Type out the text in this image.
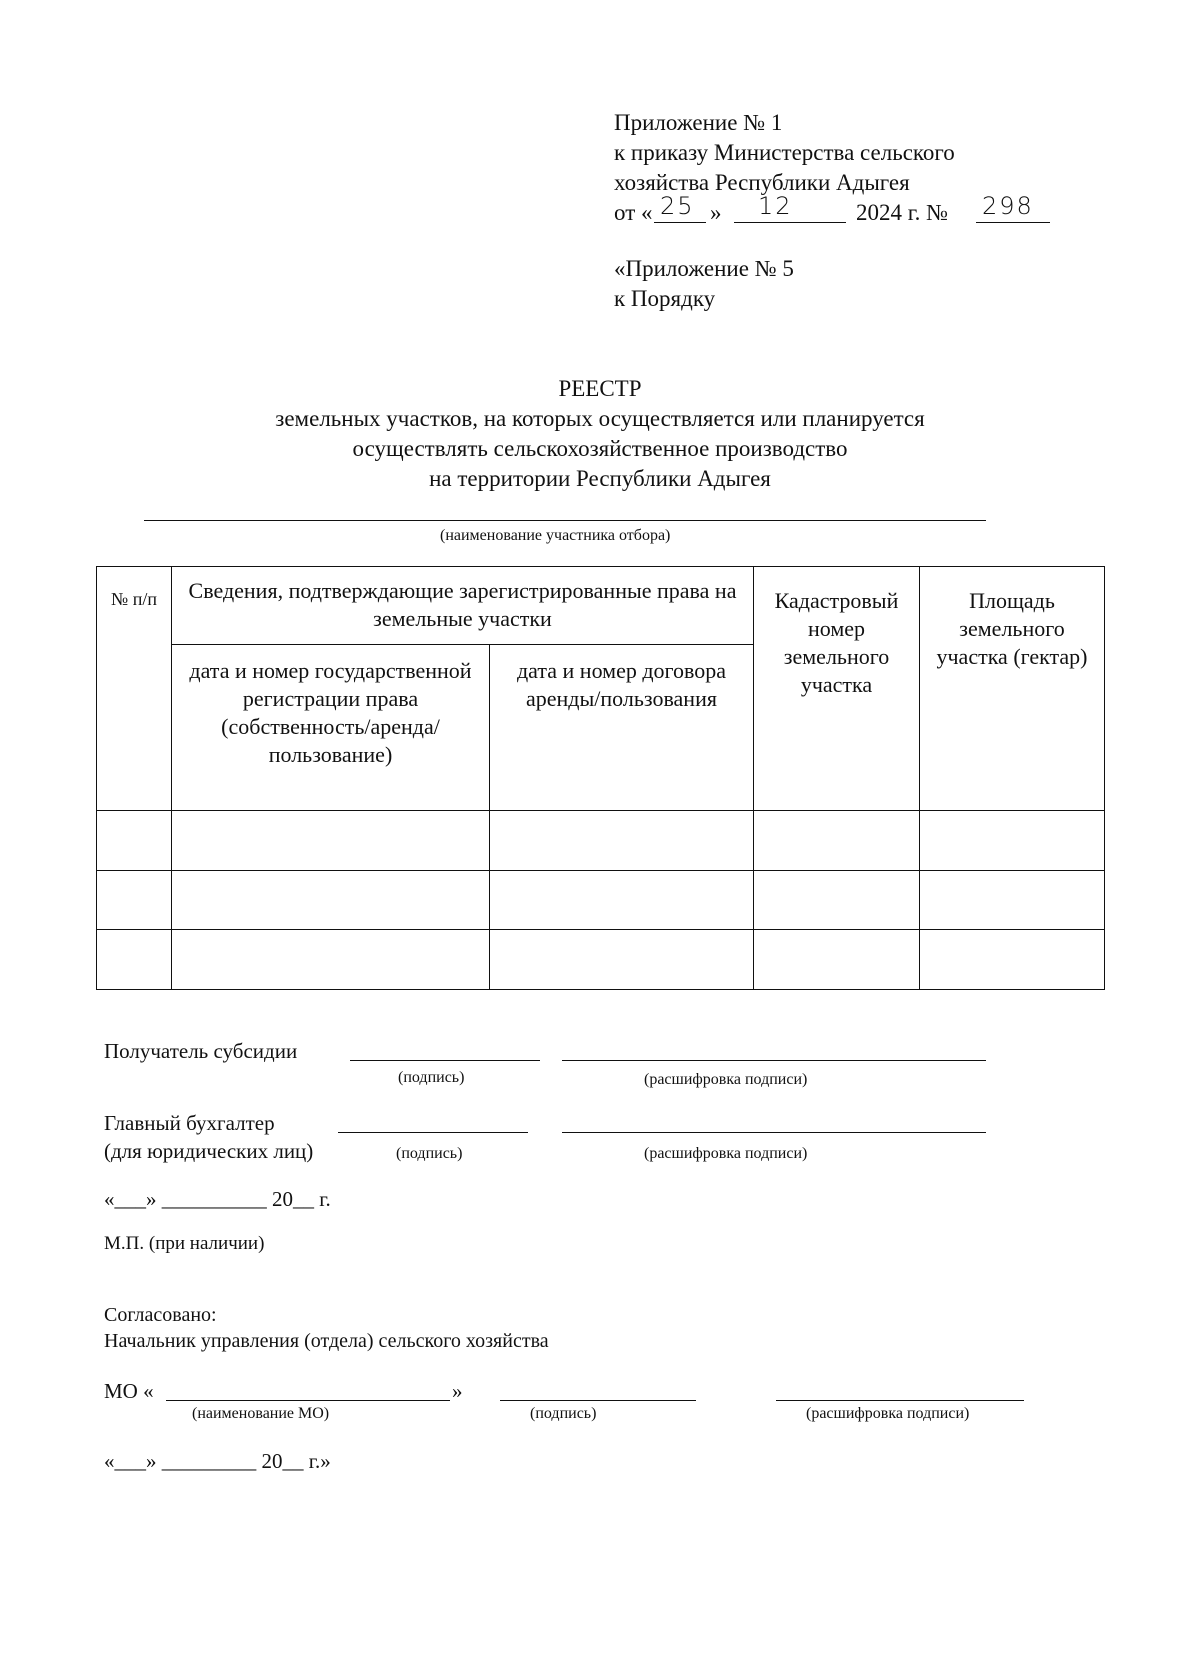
Приложение № 1
к приказу Министерства сельского
хозяйства Республики Адыгея
от « 25 » 12	2024 г. № 298
«Приложение № 5
к Порядку
РЕЕСТР
земельных участков, на которых осуществляется или планируется
осуществлять сельскохозяйственное производство
на территории Республики Адыгея
(наименование участника отбора)
№ п/п	Сведения, подтверждающие зарегистрированные права на земельные участки		Кадастровый номер земельного участка	Площадь земельного участка (гектар)
	дата и номер государственной регистрации права (собственность/аренда/ пользование)	дата и номер договора аренды/пользования		

Получатель субсидии
(подпись)	(расшифровка подписи)
Главный бухгалтер
(для юридических лиц)	(подпись)	(расшифровка подписи)
«___» __________ 20__ г.
М.П. (при наличии)
Согласовано:
Начальник управления (отдела) сельского хозяйства
МО «	»
(наименование МО)	(подпись)	(расшифровка подписи)
«___» _________ 20__ г.»
